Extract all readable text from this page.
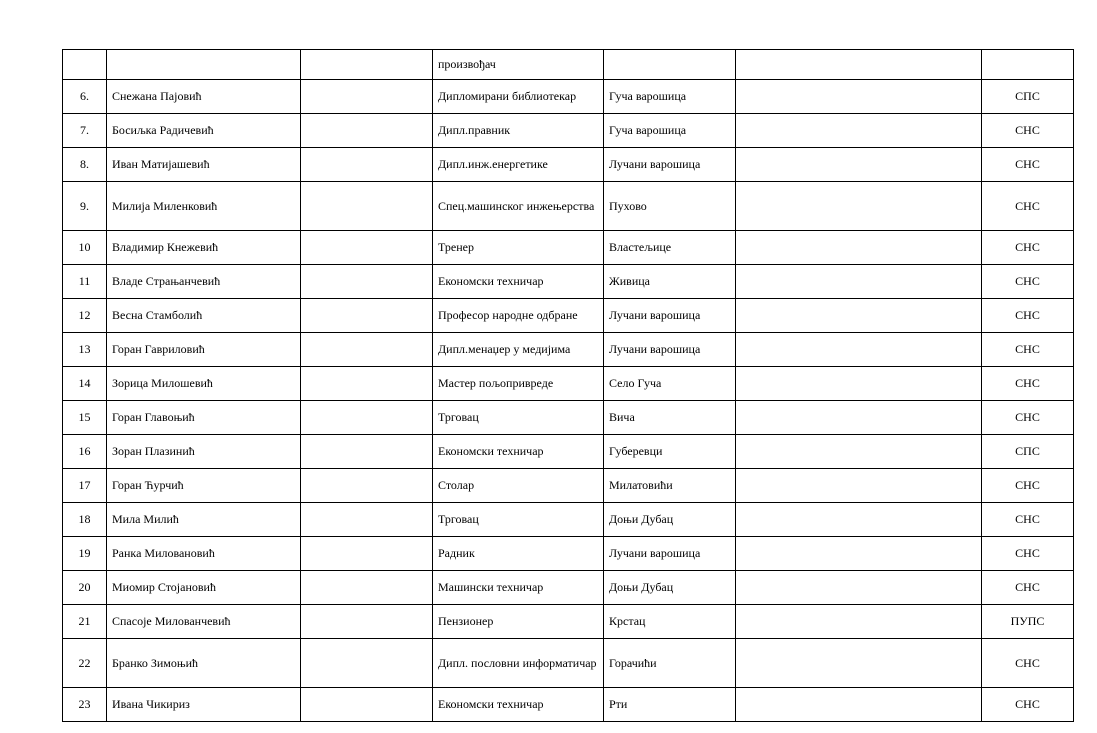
			произвођач			
6.	Снежана Пајовић		Дипломирани библиотекар	Гуча варошица		СПС
7.	Босиљка Радичевић		Дипл.правник	Гуча варошица		СНС
8.	Иван Матијашевић		Дипл.инж.енергетике	Лучани варошица		СНС
9.	Милија Миленковић		Спец.машинског инжењерства	Пухово		СНС
10	Владимир Кнежевић		Тренер	Властељице		СНС
11	Владе Страњанчевић		Економски техничар	Живица		СНС
12	Весна Стамболић		Професор народне одбране	Лучани варошица		СНС
13	Горан Гавриловић		Дипл.менаџер у медијима	Лучани варошица		СНС
14	Зорица Милошевић		Мастер пољопривреде	Село Гуча		СНС
15	Горан Главоњић		Трговац	Вича		СНС
16	Зоран Плазинић		Економски техничар	Губеревци		СПС
17	Горан Ћурчић		Столар	Милатовићи		СНС
18	Мила Милић		Трговац	Доњи Дубац		СНС
19	Ранка Миловановић		Радник	Лучани варошица		СНС
20	Миомир Стојановић		Машински техничар	Доњи Дубац		СНС
21	Спасоје Милованчевић		Пензионер	Крстац		ПУПС
22	Бранко Зимоњић		Дипл. пословни информатичар	Горачићи		СНС
23	Ивана Чикириз		Економски техничар	Рти		СНС
